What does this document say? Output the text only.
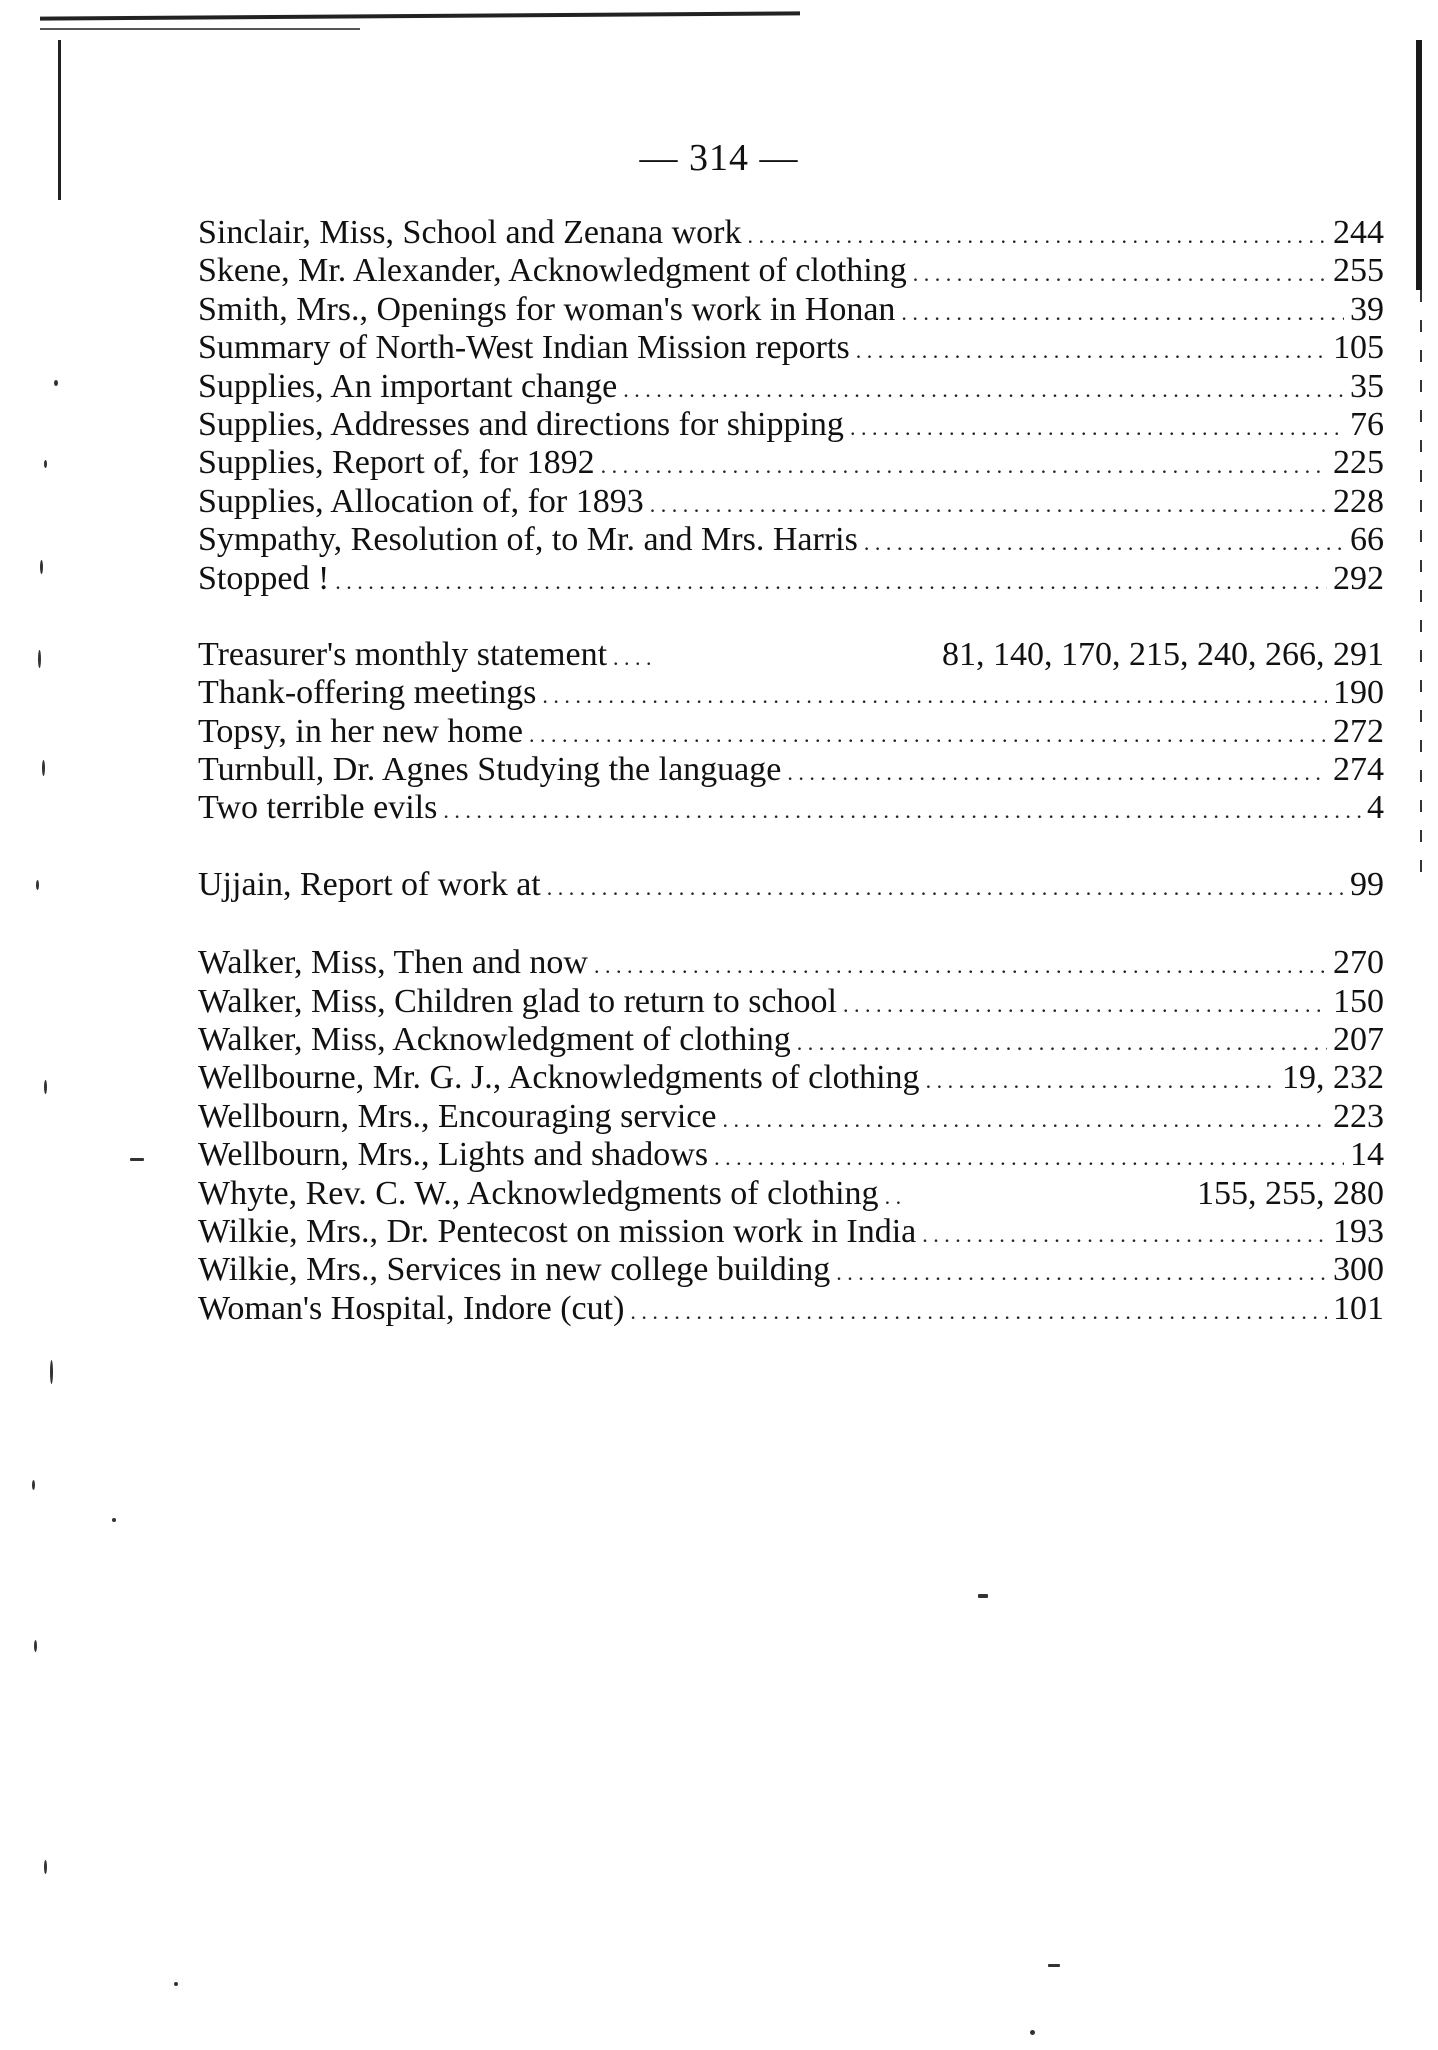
— 314 —
Sinclair, Miss, School and Zenana work . . .	244
Skene, Mr. Alexander, Acknowledgment of clothing . . .	255
Smith, Mrs., Openings for woman's work in Honan . . .	39
Summary of North-West Indian Mission reports . . .	105
Supplies, An important change . . .	35
Supplies, Addresses and directions for shipping . . .	76
Supplies, Report of, for 1892 . . .	225
Supplies, Allocation of, for 1893 . . .	228
Sympathy, Resolution of, to Mr. and Mrs. Harris . . .	66
Stopped ! . . .	292
Treasurer's monthly statement . . .	81, 140, 170, 215, 240, 266, 291
Thank-offering meetings . . .	190
Topsy, in her new home . . .	272
Turnbull, Dr. Agnes Studying the language . . .	274
Two terrible evils . . .	4
Ujjain, Report of work at . . .	99
Walker, Miss, Then and now . . .	270
Walker, Miss, Children glad to return to school . . .	150
Walker, Miss, Acknowledgment of clothing . . .	207
Wellbourne, Mr. G. J., Acknowledgments of clothing . . .	19, 232
Wellbourn, Mrs., Encouraging service . . .	223
Wellbourn, Mrs., Lights and shadows . . .	14
Whyte, Rev. C. W., Acknowledgments of clothing . . .	155, 255, 280
Wilkie, Mrs., Dr. Pentecost on mission work in India . . .	193
Wilkie, Mrs., Services in new college building . . .	300
Woman's Hospital, Indore (cut) . . .	101
